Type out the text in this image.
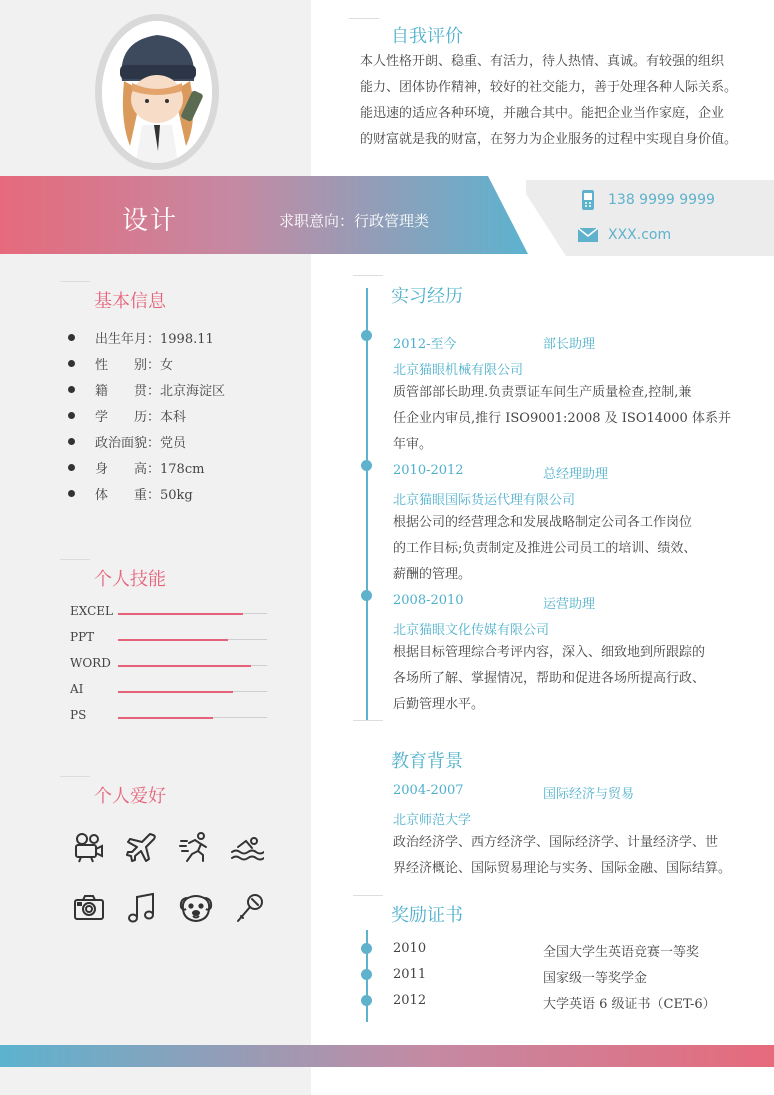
设计	求职意向：行政管理类
138 9999 9999
XXX.com
自我评价
本人性格开朗、稳重、有活力，待人热情、真诚。有较强的组织
能力、团体协作精神，较好的社交能力，善于处理各种人际关系。
能迅速的适应各种环境，并融合其中。能把企业当作家庭，企业
的财富就是我的财富，在努力为企业服务的过程中实现自身价值。
基本信息
出生年月：1998.11
性　　别：女
籍　　贯：北京海淀区
学　　历：本科
政治面貌：党员
身　　高：178cm
体　　重：50kg
个人技能
EXCEL
PPT
WORD
AI
PS
个人爱好
实习经历
2012-至今	部长助理
北京猫眼机械有限公司
质管部部长助理.负责票证车间生产质量检查,控制,兼
任企业内审员,推行 ISO9001:2008 及 ISO14000 体系并
年审。
2010-2012	总经理助理
北京猫眼国际货运代理有限公司
根据公司的经营理念和发展战略制定公司各工作岗位
的工作目标;负责制定及推进公司员工的培训、绩效、
薪酬的管理。
2008-2010	运营助理
北京猫眼文化传媒有限公司
根据目标管理综合考评内容，深入、细致地到所跟踪的
各场所了解、掌握情况，帮助和促进各场所提高行政、
后勤管理水平。
教育背景
2004-2007	国际经济与贸易
北京师范大学
政治经济学、西方经济学、国际经济学、计量经济学、世
界经济概论、国际贸易理论与实务、国际金融、国际结算。
奖励证书
2010	全国大学生英语竞赛一等奖
2011	国家级一等奖学金
2012	大学英语 6 级证书（CET-6）
